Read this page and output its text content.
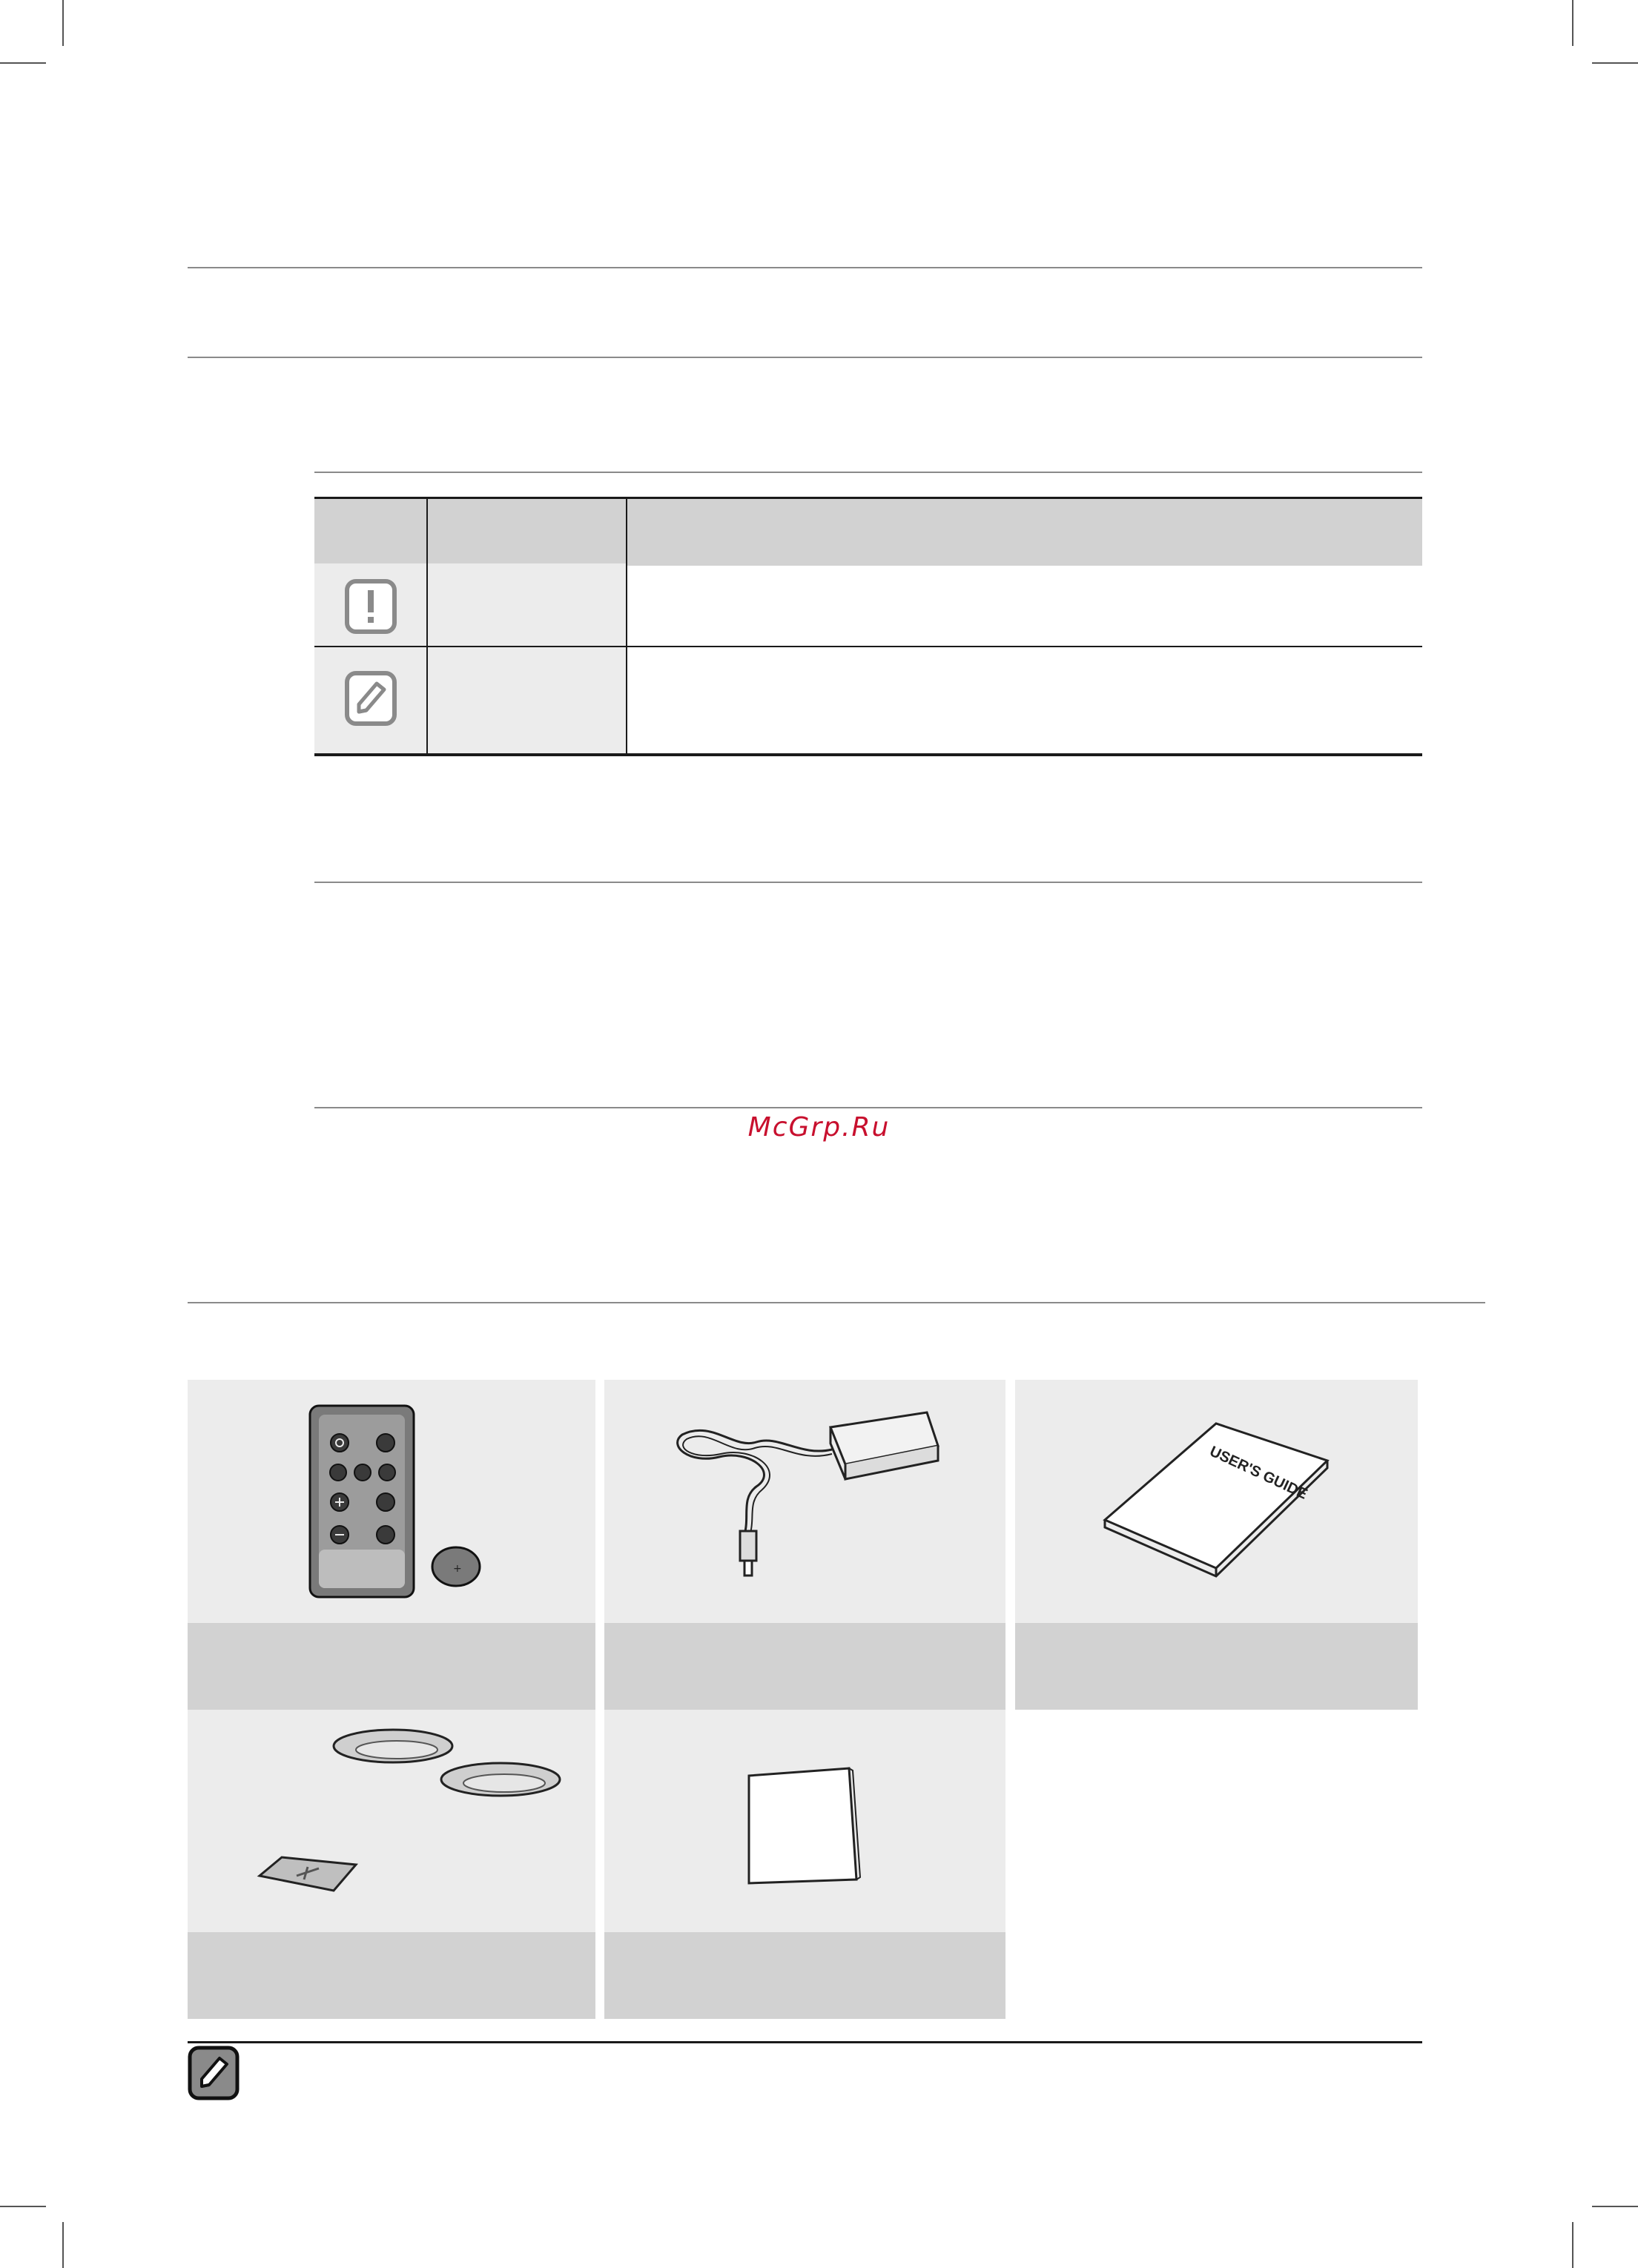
McGrp.Ru
+
USER'S GUIDE
